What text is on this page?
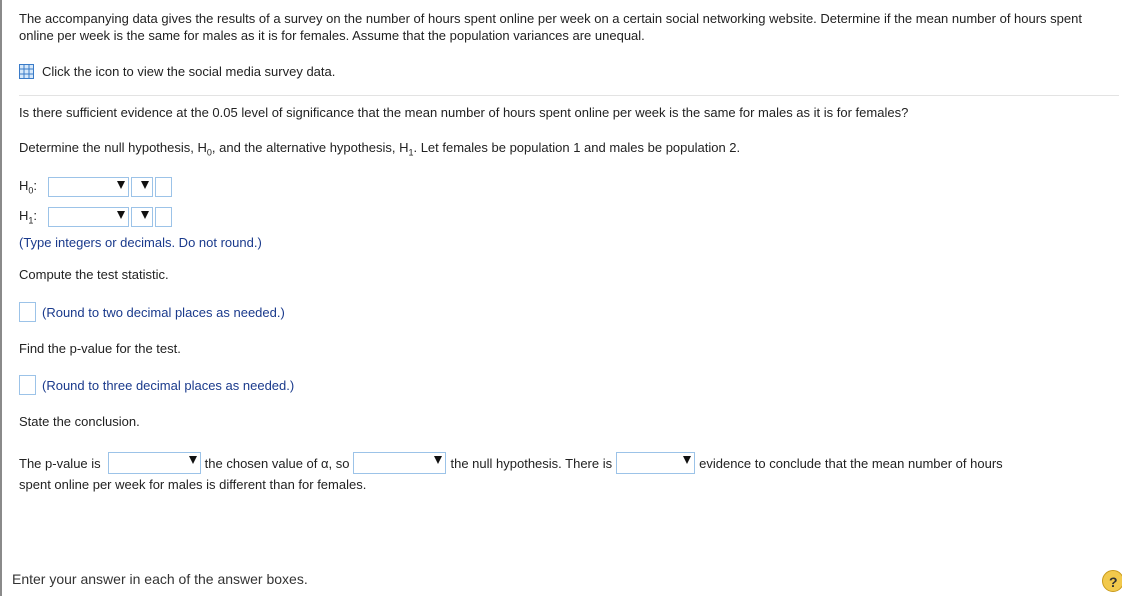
The accompanying data gives the results of a survey on the number of hours spent online per week on a certain social networking website. Determine if the mean number of hours spent online per week is the same for males as it is for females. Assume that the population variances are unequal.

Click the icon to view the social media survey data.

Is there sufficient evidence at the 0.05 level of significance that the mean number of hours spent online per week is the same for males as it is for females?

Determine the null hypothesis, $H_0$, and the alternative hypothesis, $H_1$. Let females be population 1 and males be population 2.

$H_0$:
$H_1$:

(Type integers or decimals. Do not round.)

Compute the test statistic.

(Round to two decimal places as needed.)

Find the p-value for the test.

(Round to three decimal places as needed.)

State the conclusion.

The p-value is	the chosen value of α, so	the null hypothesis. There is	evidence to conclude that the mean number of hours
spent online per week for males is different than for females.
Enter your answer in each of the answer boxes.	?
